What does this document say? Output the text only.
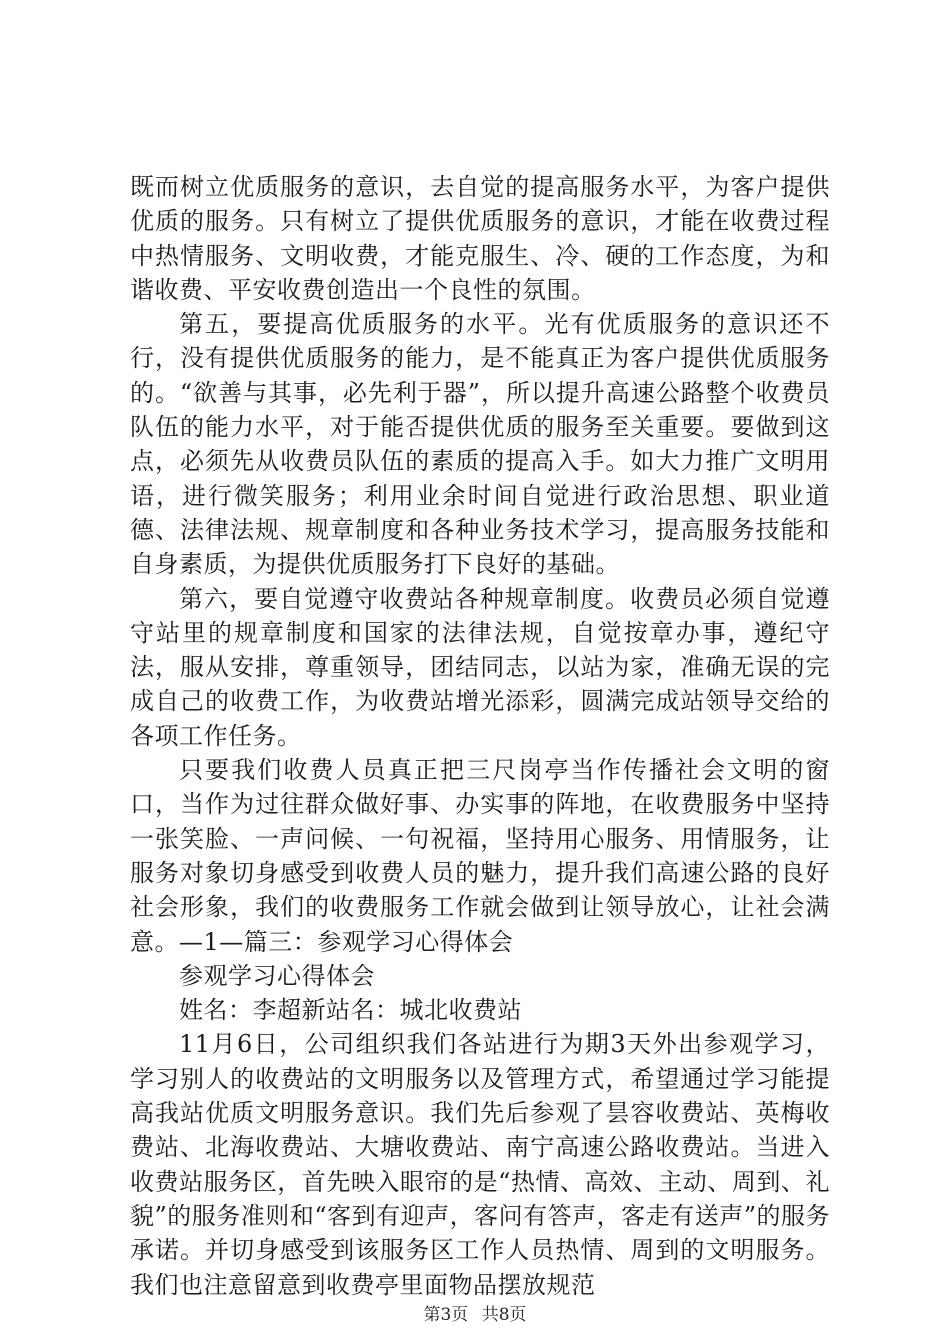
既而树立优质服务的意识，去自觉的提高服务水平，为客户提供优质的服务。只有树立了提供优质服务的意识，才能在收费过程中热情服务、文明收费，才能克服生、冷、硬的工作态度，为和谐收费、平安收费创造出一个良性的氛围。

第五，要提高优质服务的水平。光有优质服务的意识还不行，没有提供优质服务的能力，是不能真正为客户提供优质服务的。“欲善与其事，必先利于器”，所以提升高速公路整个收费员队伍的能力水平，对于能否提供优质的服务至关重要。要做到这点，必须先从收费员队伍的素质的提高入手。如大力推广文明用语，进行微笑服务；利用业余时间自觉进行政治思想、职业道德、法律法规、规章制度和各种业务技术学习，提高服务技能和自身素质，为提供优质服务打下良好的基础。

第六，要自觉遵守收费站各种规章制度。收费员必须自觉遵守站里的规章制度和国家的法律法规，自觉按章办事，遵纪守法，服从安排，尊重领导，团结同志，以站为家，准确无误的完成自己的收费工作，为收费站增光添彩，圆满完成站领导交给的各项工作任务。

只要我们收费人员真正把三尺岗亭当作传播社会文明的窗口，当作为过往群众做好事、办实事的阵地，在收费服务中坚持一张笑脸、一声问候、一句祝福，坚持用心服务、用情服务，让服务对象切身感受到收费人员的魅力，提升我们高速公路的良好社会形象，我们的收费服务工作就会做到让领导放心，让社会满意。—1—篇三：参观学习心得体会

参观学习心得体会

姓名：李超新站名：城北收费站

11月6日，公司组织我们各站进行为期3天外出参观学习，学习别人的收费站的文明服务以及管理方式，希望通过学习能提高我站优质文明服务意识。我们先后参观了昙容收费站、英梅收费站、北海收费站、大塘收费站、南宁高速公路收费站。当进入收费站服务区，首先映入眼帘的是“热情、高效、主动、周到、礼貌”的服务准则和“客到有迎声，客问有答声，客走有送声”的服务承诺。并切身感受到该服务区工作人员热情、周到的文明服务。我们也注意留意到收费亭里面物品摆放规范

第3页 共8页
